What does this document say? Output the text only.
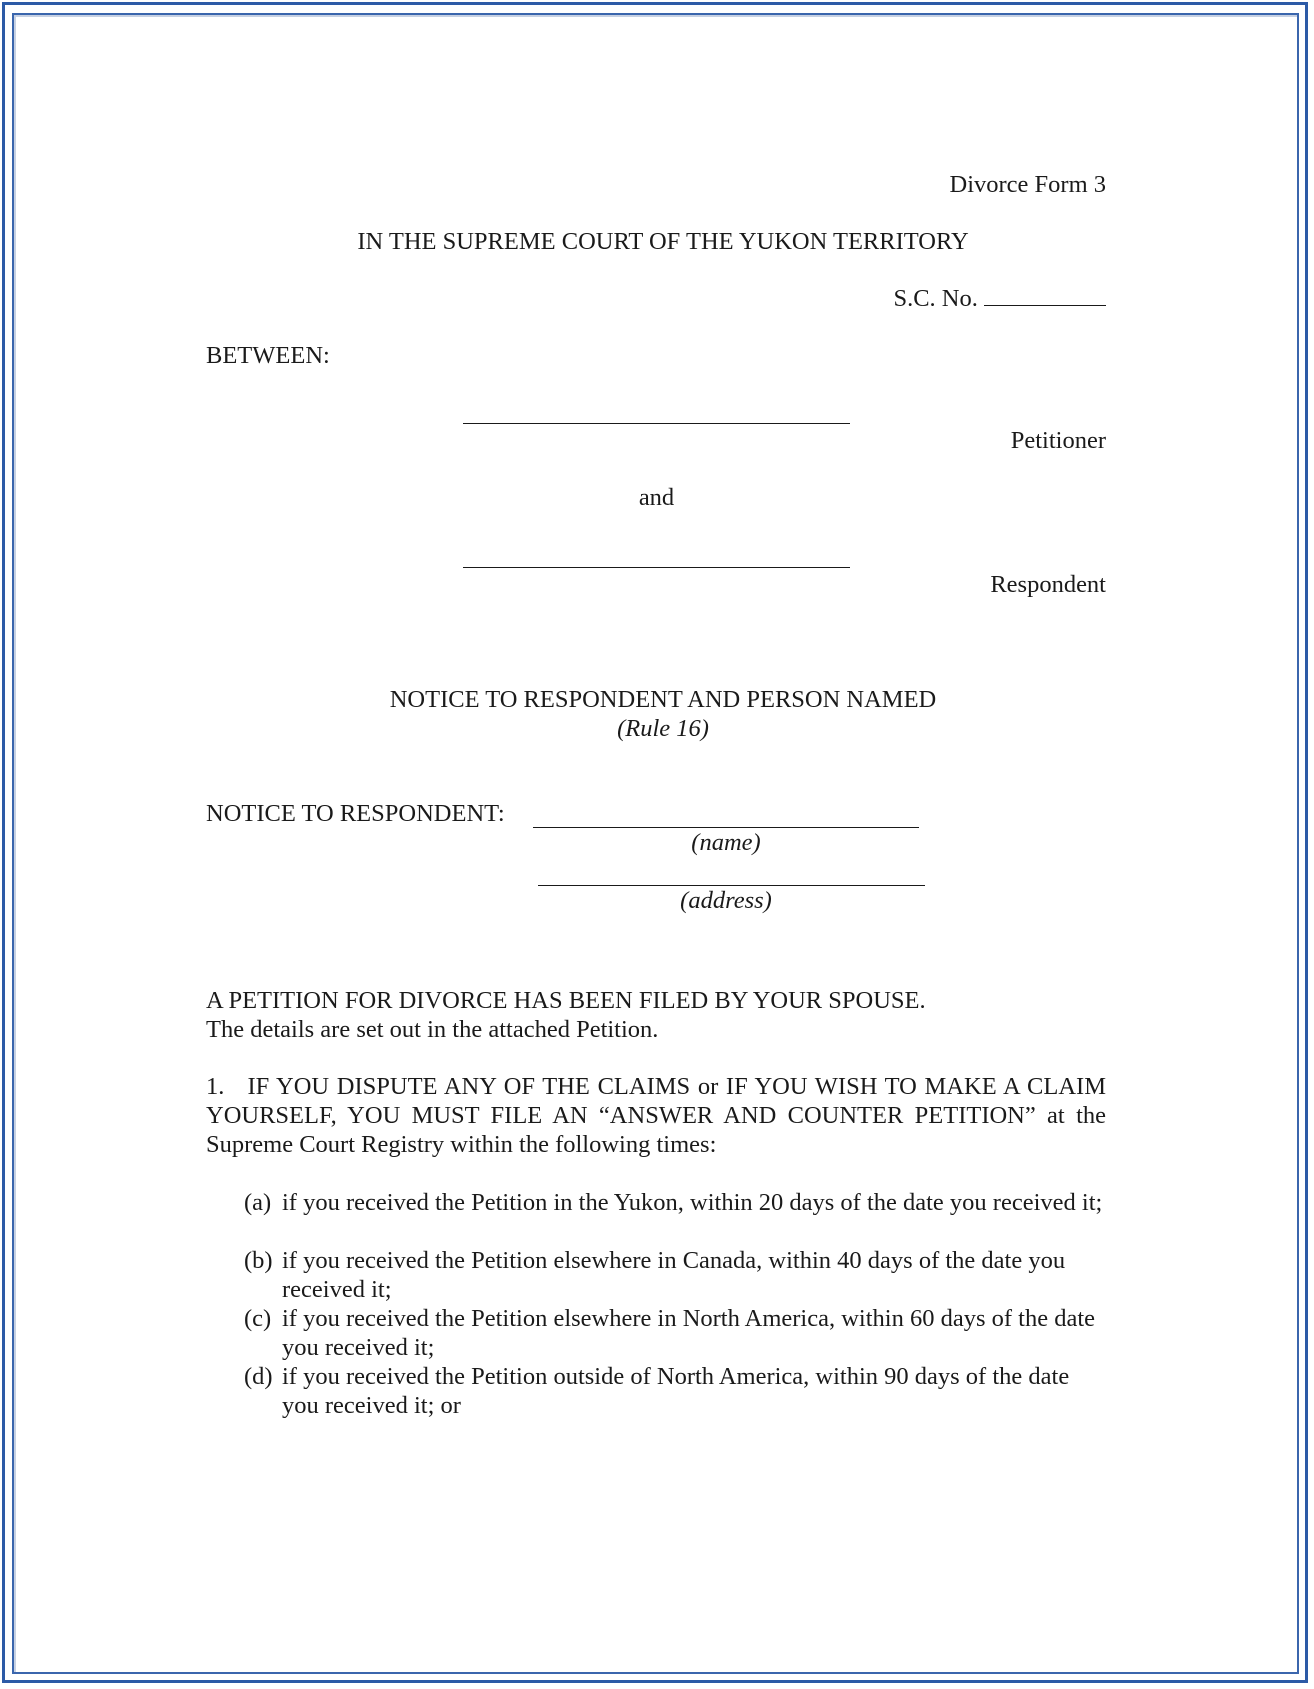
Divorce Form 3
IN THE SUPREME COURT OF THE YUKON TERRITORY
S.C. No.
BETWEEN:
Petitioner
and
Respondent
NOTICE TO RESPONDENT AND PERSON NAMED
(Rule 16)
NOTICE TO RESPONDENT:
(name)
(address)
A PETITION FOR DIVORCE HAS BEEN FILED BY YOUR SPOUSE.
The details are set out in the attached Petition.
1. IF YOU DISPUTE ANY OF THE CLAIMS or IF YOU WISH TO MAKE A CLAIM YOURSELF, YOU MUST FILE AN “ANSWER AND COUNTER PETITION” at the Supreme Court Registry within the following times:
(a) if you received the Petition in the Yukon, within 20 days of the date you received it;
(b) if you received the Petition elsewhere in Canada, within 40 days of the date you received it;
(c) if you received the Petition elsewhere in North America, within 60 days of the date you received it;
(d) if you received the Petition outside of North America, within 90 days of the date you received it; or
